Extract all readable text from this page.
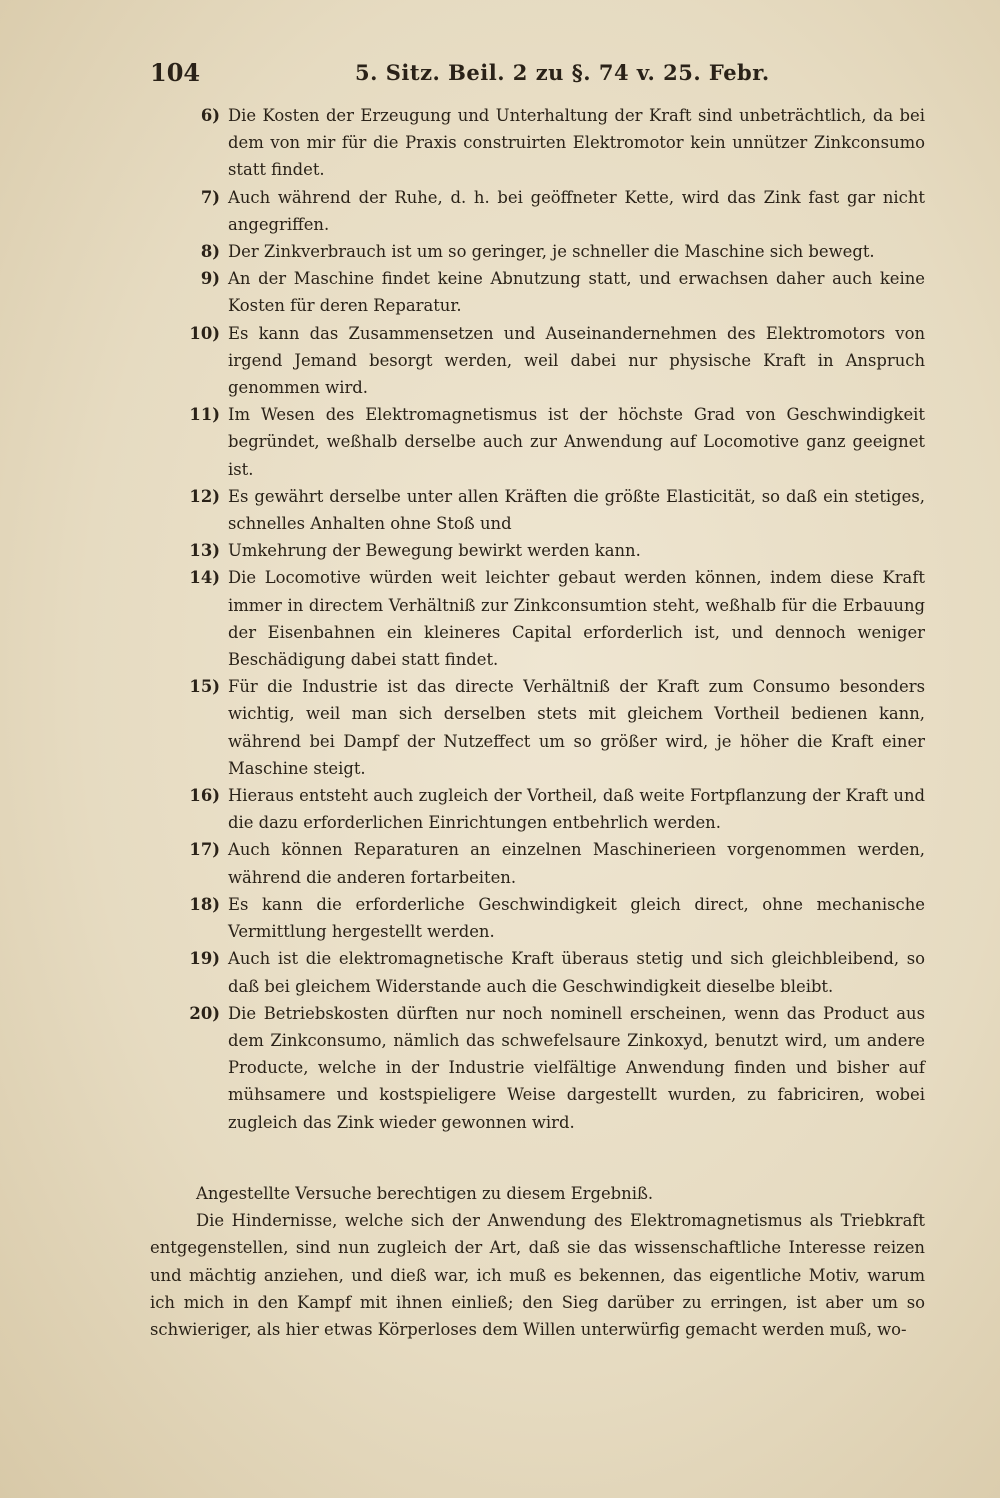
104	5. Sitz. Beil. 2 zu §. 74 v. 25. Febr.
6) Die Kosten der Erzeugung und Unterhaltung der Kraft sind unbeträchtlich, da bei dem von mir für die Praxis construirten Elektromotor kein unnützer Zinkconsumo statt findet.
7) Auch während der Ruhe, d. h. bei geöffneter Kette, wird das Zink fast gar nicht angegriffen.
8) Der Zinkverbrauch ist um so geringer, je schneller die Maschine sich bewegt.
9) An der Maschine findet keine Abnutzung statt, und erwachsen daher auch keine Kosten für deren Reparatur.
10) Es kann das Zusammensetzen und Auseinandernehmen des Elektromotors von irgend Jemand besorgt werden, weil dabei nur physische Kraft in Anspruch genommen wird.
11) Im Wesen des Elektromagnetismus ist der höchste Grad von Geschwindigkeit begründet, weßhalb derselbe auch zur Anwendung auf Locomotive ganz geeignet ist.
12) Es gewährt derselbe unter allen Kräften die größte Elasticität, so daß ein stetiges, schnelles Anhalten ohne Stoß und
13) Umkehrung der Bewegung bewirkt werden kann.
14) Die Locomotive würden weit leichter gebaut werden können, indem diese Kraft immer in directem Verhältniß zur Zinkconsumtion steht, weßhalb für die Erbauung der Eisenbahnen ein kleineres Capital erforderlich ist, und dennoch weniger Beschädigung dabei statt findet.
15) Für die Industrie ist das directe Verhältniß der Kraft zum Consumo besonders wichtig, weil man sich derselben stets mit gleichem Vortheil bedienen kann, während bei Dampf der Nutzeffect um so größer wird, je höher die Kraft einer Maschine steigt.
16) Hieraus entsteht auch zugleich der Vortheil, daß weite Fortpflanzung der Kraft und die dazu erforderlichen Einrichtungen entbehrlich werden.
17) Auch können Reparaturen an einzelnen Maschinerieen vorgenommen werden, während die anderen fortarbeiten.
18) Es kann die erforderliche Geschwindigkeit gleich direct, ohne mechanische Vermittlung hergestellt werden.
19) Auch ist die elektromagnetische Kraft überaus stetig und sich gleichbleibend, so daß bei gleichem Widerstande auch die Geschwindigkeit dieselbe bleibt.
20) Die Betriebskosten dürften nur noch nominell erscheinen, wenn das Product aus dem Zinkconsumo, nämlich das schwefelsaure Zinkoxyd, benutzt wird, um andere Producte, welche in der Industrie vielfältige Anwendung finden und bisher auf mühsamere und kostspieligere Weise dargestellt wurden, zu fabriciren, wobei zugleich das Zink wieder gewonnen wird.
Angestellte Versuche berechtigen zu diesem Ergebniß.
Die Hindernisse, welche sich der Anwendung des Elektromagnetismus als Triebkraft entgegenstellen, sind nun zugleich der Art, daß sie das wissenschaftliche Interesse reizen und mächtig anziehen, und dieß war, ich muß es bekennen, das eigentliche Motiv, warum ich mich in den Kampf mit ihnen einließ; den Sieg darüber zu erringen, ist aber um so schwieriger, als hier etwas Körperloses dem Willen unterwürfig gemacht werden muß, wo-
